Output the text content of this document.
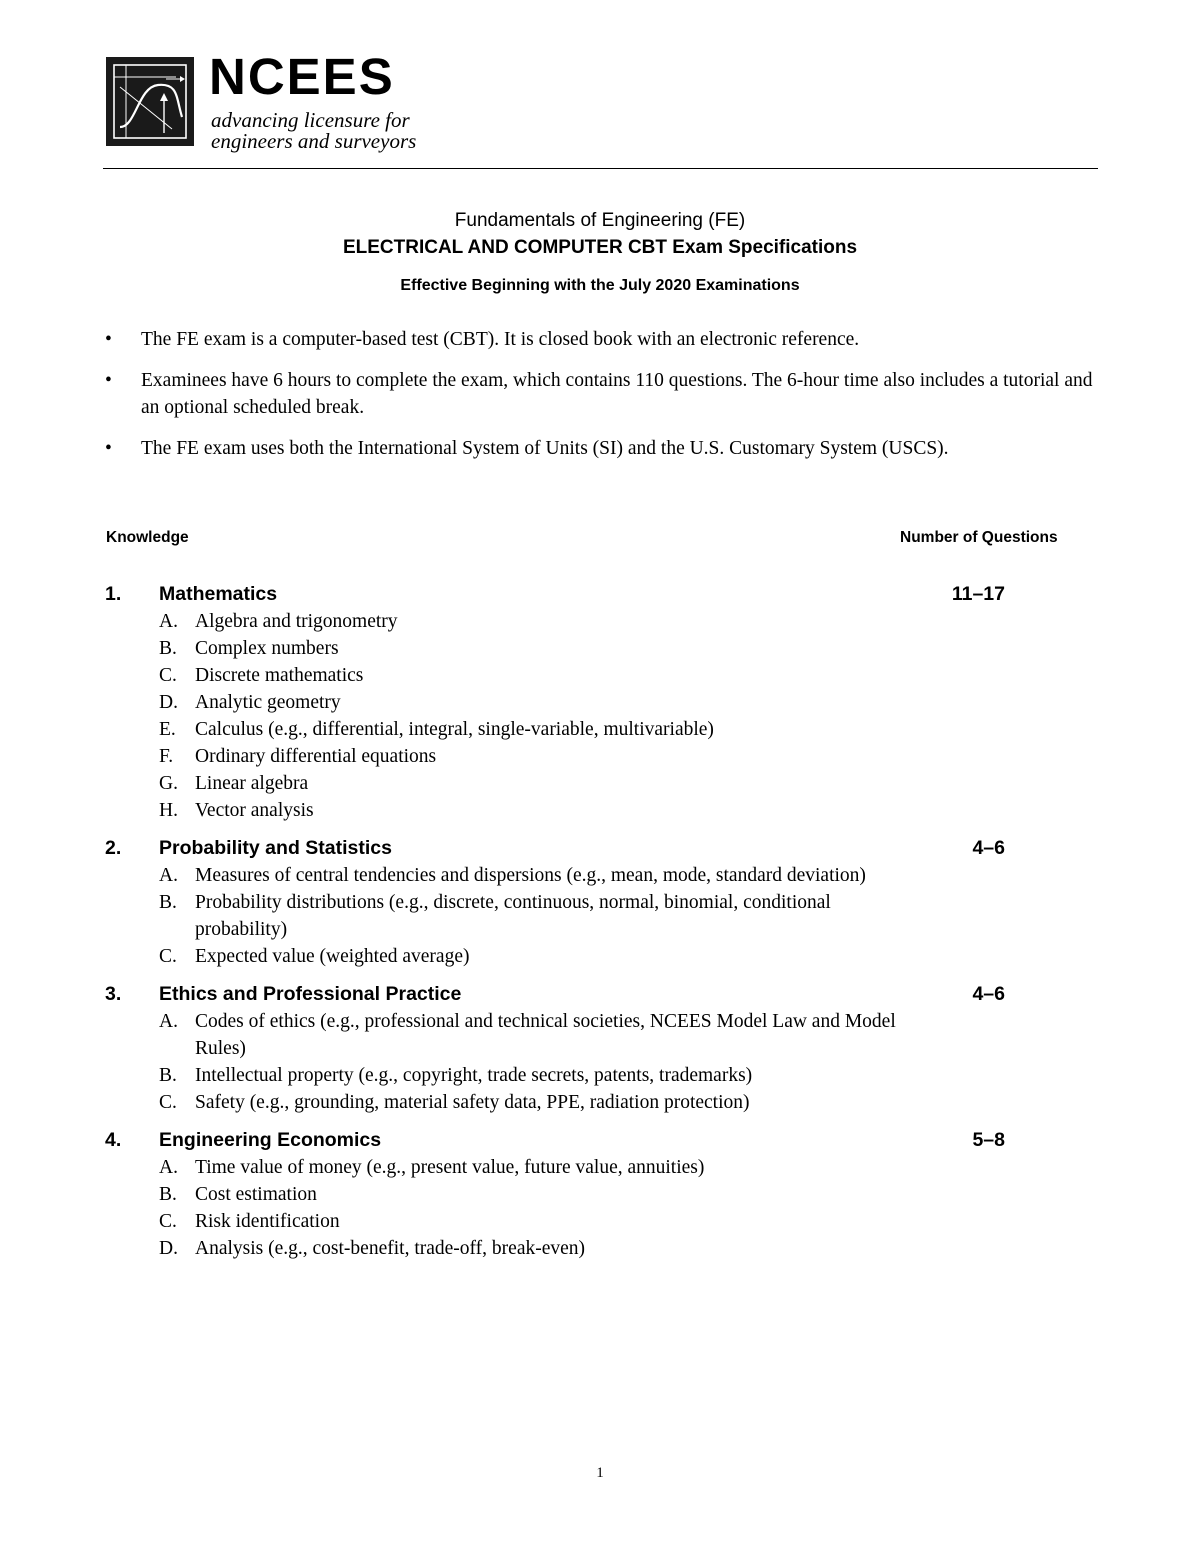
NCEES
advancing licensure for
engineers and surveyors
Fundamentals of Engineering (FE)
ELECTRICAL AND COMPUTER CBT Exam Specifications
Effective Beginning with the July 2020 Examinations
• The FE exam is a computer-based test (CBT). It is closed book with an electronic reference.
• Examinees have 6 hours to complete the exam, which contains 110 questions. The 6-hour time also includes a tutorial and an optional scheduled break.
• The FE exam uses both the International System of Units (SI) and the U.S. Customary System (USCS).
Knowledge	Number of Questions
1. Mathematics	11–17
A. Algebra and trigonometry
B. Complex numbers
C. Discrete mathematics
D. Analytic geometry
E. Calculus (e.g., differential, integral, single-variable, multivariable)
F. Ordinary differential equations
G. Linear algebra
H. Vector analysis
2. Probability and Statistics	4–6
A. Measures of central tendencies and dispersions (e.g., mean, mode, standard deviation)
B. Probability distributions (e.g., discrete, continuous, normal, binomial, conditional probability)
C. Expected value (weighted average)
3. Ethics and Professional Practice	4–6
A. Codes of ethics (e.g., professional and technical societies, NCEES Model Law and Model Rules)
B. Intellectual property (e.g., copyright, trade secrets, patents, trademarks)
C. Safety (e.g., grounding, material safety data, PPE, radiation protection)
4. Engineering Economics	5–8
A. Time value of money (e.g., present value, future value, annuities)
B. Cost estimation
C. Risk identification
D. Analysis (e.g., cost-benefit, trade-off, break-even)
1
